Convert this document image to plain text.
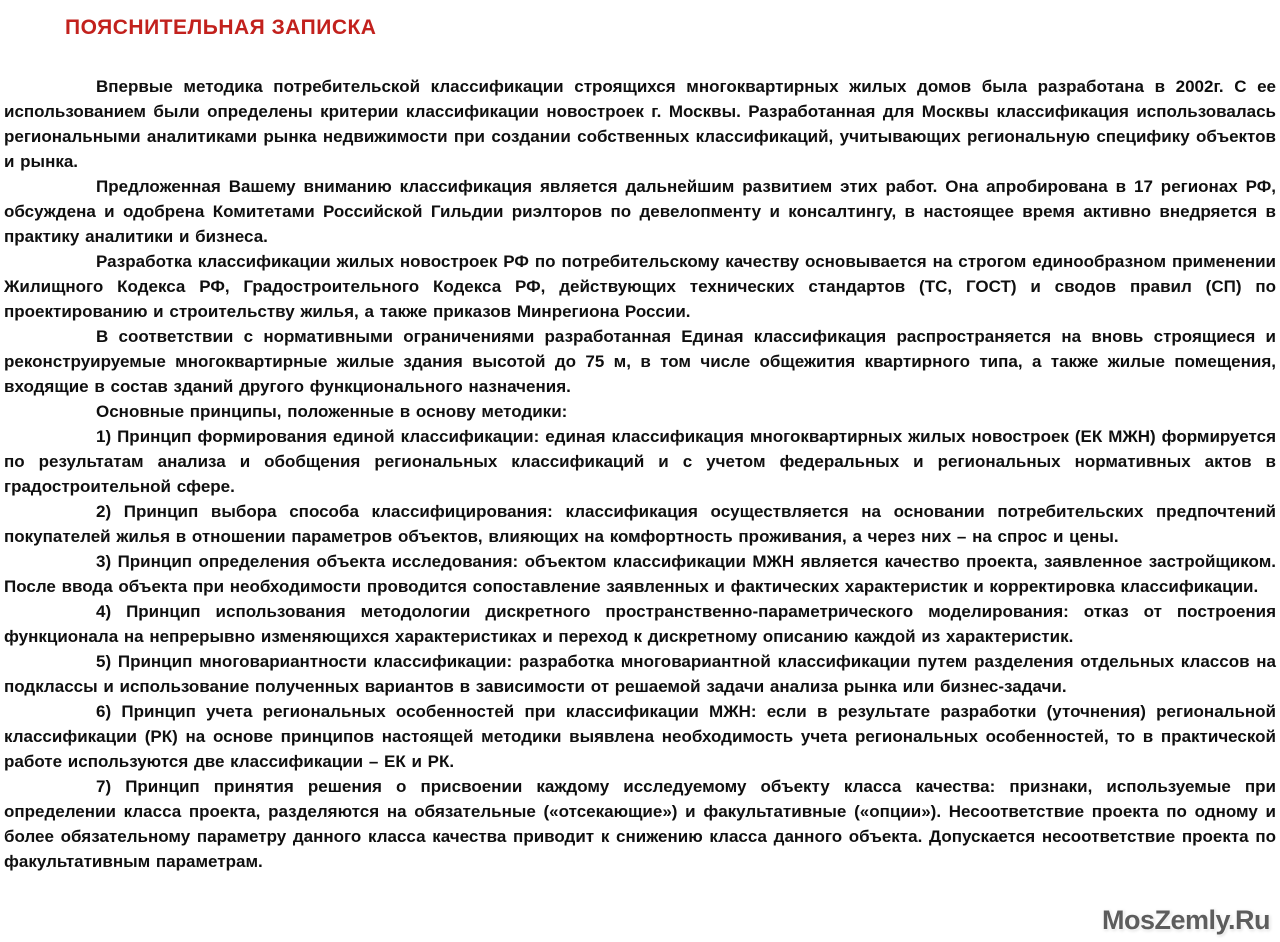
ПОЯСНИТЕЛЬНАЯ ЗАПИСКА

Впервые методика потребительской классификации строящихся многоквартирных жилых домов была разработана в 2002г. С ее использованием были определены критерии классификации новостроек г. Москвы. Разработанная для Москвы классификация использовалась региональными аналитиками рынка недвижимости при создании собственных классификаций, учитывающих региональную специфику объектов и рынка.

Предложенная Вашему вниманию классификация является дальнейшим развитием этих работ. Она апробирована в 17 регионах РФ, обсуждена и одобрена Комитетами Российской Гильдии риэлторов по девелопменту и консалтингу, в настоящее время активно внедряется в практику аналитики и бизнеса.

Разработка классификации жилых новостроек РФ по потребительскому качеству основывается на строгом единообразном применении Жилищного Кодекса РФ, Градостроительного Кодекса РФ, действующих технических стандартов (ТС, ГОСТ) и сводов правил (СП) по проектированию и строительству жилья, а также приказов Минрегиона России.

В соответствии с нормативными ограничениями разработанная Единая классификация распространяется на вновь строящиеся и реконструируемые многоквартирные жилые здания высотой до 75 м, в том числе общежития квартирного типа, а также жилые помещения, входящие в состав зданий другого функционального назначения.

Основные принципы, положенные в основу методики:

1) Принцип формирования единой классификации: единая классификация многоквартирных жилых новостроек (ЕК МЖН) формируется по результатам анализа и обобщения региональных классификаций и с учетом федеральных и региональных нормативных актов в градостроительной сфере.

2) Принцип выбора способа классифицирования: классификация осуществляется на основании потребительских предпочтений покупателей жилья в отношении параметров объектов, влияющих на комфортность проживания, а через них – на спрос и цены.

3) Принцип определения объекта исследования: объектом классификации МЖН является качество проекта, заявленное застройщиком. После ввода объекта при необходимости проводится сопоставление заявленных и фактических характеристик и корректировка классификации.

4) Принцип использования методологии дискретного пространственно-параметрического моделирования: отказ от построения функционала на непрерывно изменяющихся характеристиках и переход к дискретному описанию каждой из характеристик.

5) Принцип многовариантности классификации: разработка многовариантной классификации путем разделения отдельных классов на подклассы и использование полученных вариантов в зависимости от решаемой задачи анализа рынка или бизнес-задачи.

6) Принцип учета региональных особенностей при классификации МЖН: если в результате разработки (уточнения) региональной классификации (РК) на основе принципов настоящей методики выявлена необходимость учета региональных особенностей, то в практической работе используются две классификации – ЕК и РК.

7) Принцип принятия решения о присвоении каждому исследуемому объекту класса качества: признаки, используемые при определении класса проекта, разделяются на обязательные («отсекающие») и факультативные («опции»). Несоответствие проекта по одному и более обязательному параметру данного класса качества приводит к снижению класса данного объекта. Допускается несоответствие проекта по факультативным параметрам.

MosZemly.Ru
